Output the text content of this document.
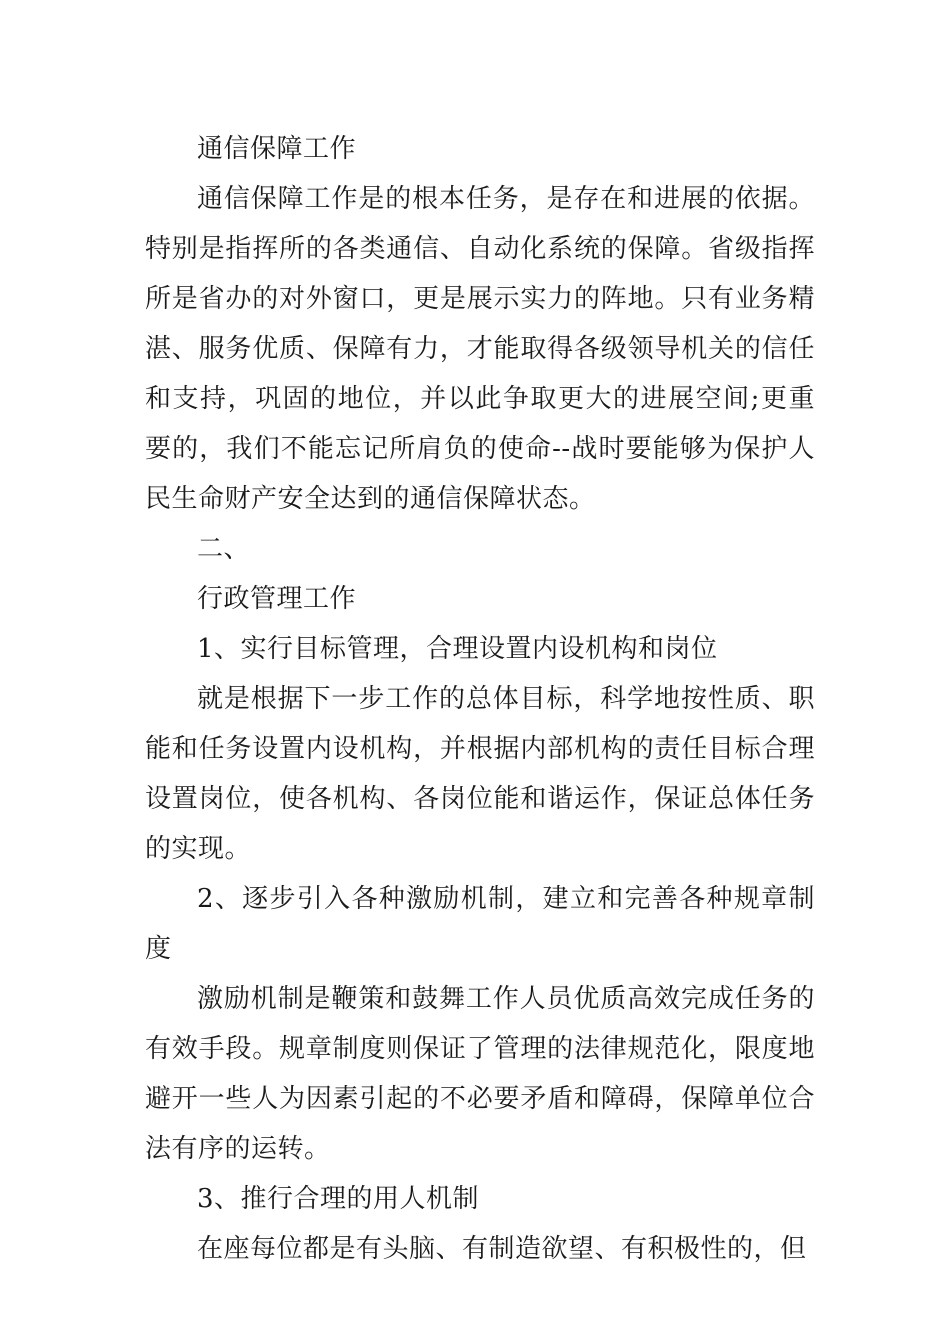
通信保障工作

通信保障工作是的根本任务，是存在和进展的依据。特别是指挥所的各类通信、自动化系统的保障。省级指挥所是省办的对外窗口，更是展示实力的阵地。只有业务精湛、服务优质、保障有力，才能取得各级领导机关的信任和支持，巩固的地位，并以此争取更大的进展空间;更重要的，我们不能忘记所肩负的使命--战时要能够为保护人民生命财产安全达到的通信保障状态。

二、

行政管理工作

1、实行目标管理，合理设置内设机构和岗位

就是根据下一步工作的总体目标，科学地按性质、职能和任务设置内设机构，并根据内部机构的责任目标合理设置岗位，使各机构、各岗位能和谐运作，保证总体任务的实现。

2、逐步引入各种激励机制，建立和完善各种规章制度

激励机制是鞭策和鼓舞工作人员优质高效完成任务的有效手段。规章制度则保证了管理的法律规范化，限度地避开一些人为因素引起的不必要矛盾和障碍，保障单位合法有序的运转。

3、推行合理的用人机制

在座每位都是有头脑、有制造欲望、有积极性的，但
